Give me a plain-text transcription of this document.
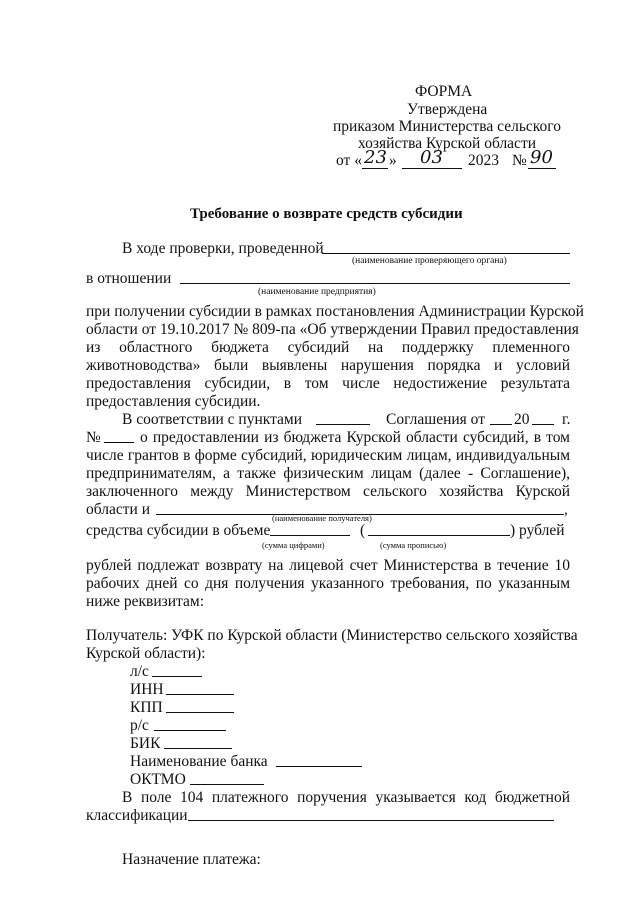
ФОРМА
Утверждена
приказом Министерства сельского
хозяйства Курской области
от « 23 » 03 2023 № 90
Требование о возврате средств субсидии
В ходе проверки, проведенной
(наименование проверяющего органа)
в отношении
(наименование предприятия)
при получении субсидии в рамках постановления Администрации Курской
области от 19.10.2017 № 809-па «Об утверждении Правил предоставления
из областного бюджета субсидий на поддержку племенного
животноводства» были выявлены нарушения порядка и условий
предоставления субсидии, в том числе недостижение результата
предоставления субсидии.
В соответствии с пунктами	Соглашения от 20 г.
№	о предоставлении из бюджета Курской области субсидий, в том
числе грантов в форме субсидий, юридическим лицам, индивидуальным
предпринимателям, а также физическим лицам (далее - Соглашение),
заключенного между Министерством сельского хозяйства Курской
области и	,
(наименование получателя)
средства субсидии в объеме	(	) рублей
(сумма цифрами)	(сумма прописью)
рублей подлежат возврату на лицевой счет Министерства в течение 10
рабочих дней со дня получения указанного требования, по указанным
ниже реквизитам:
Получатель: УФК по Курской области (Министерство сельского хозяйства
Курской области):
л/с
ИНН
КПП
р/с
БИК
Наименование банка
ОКТМО
В поле 104 платежного поручения указывается код бюджетной
классификации
Назначение платежа:
